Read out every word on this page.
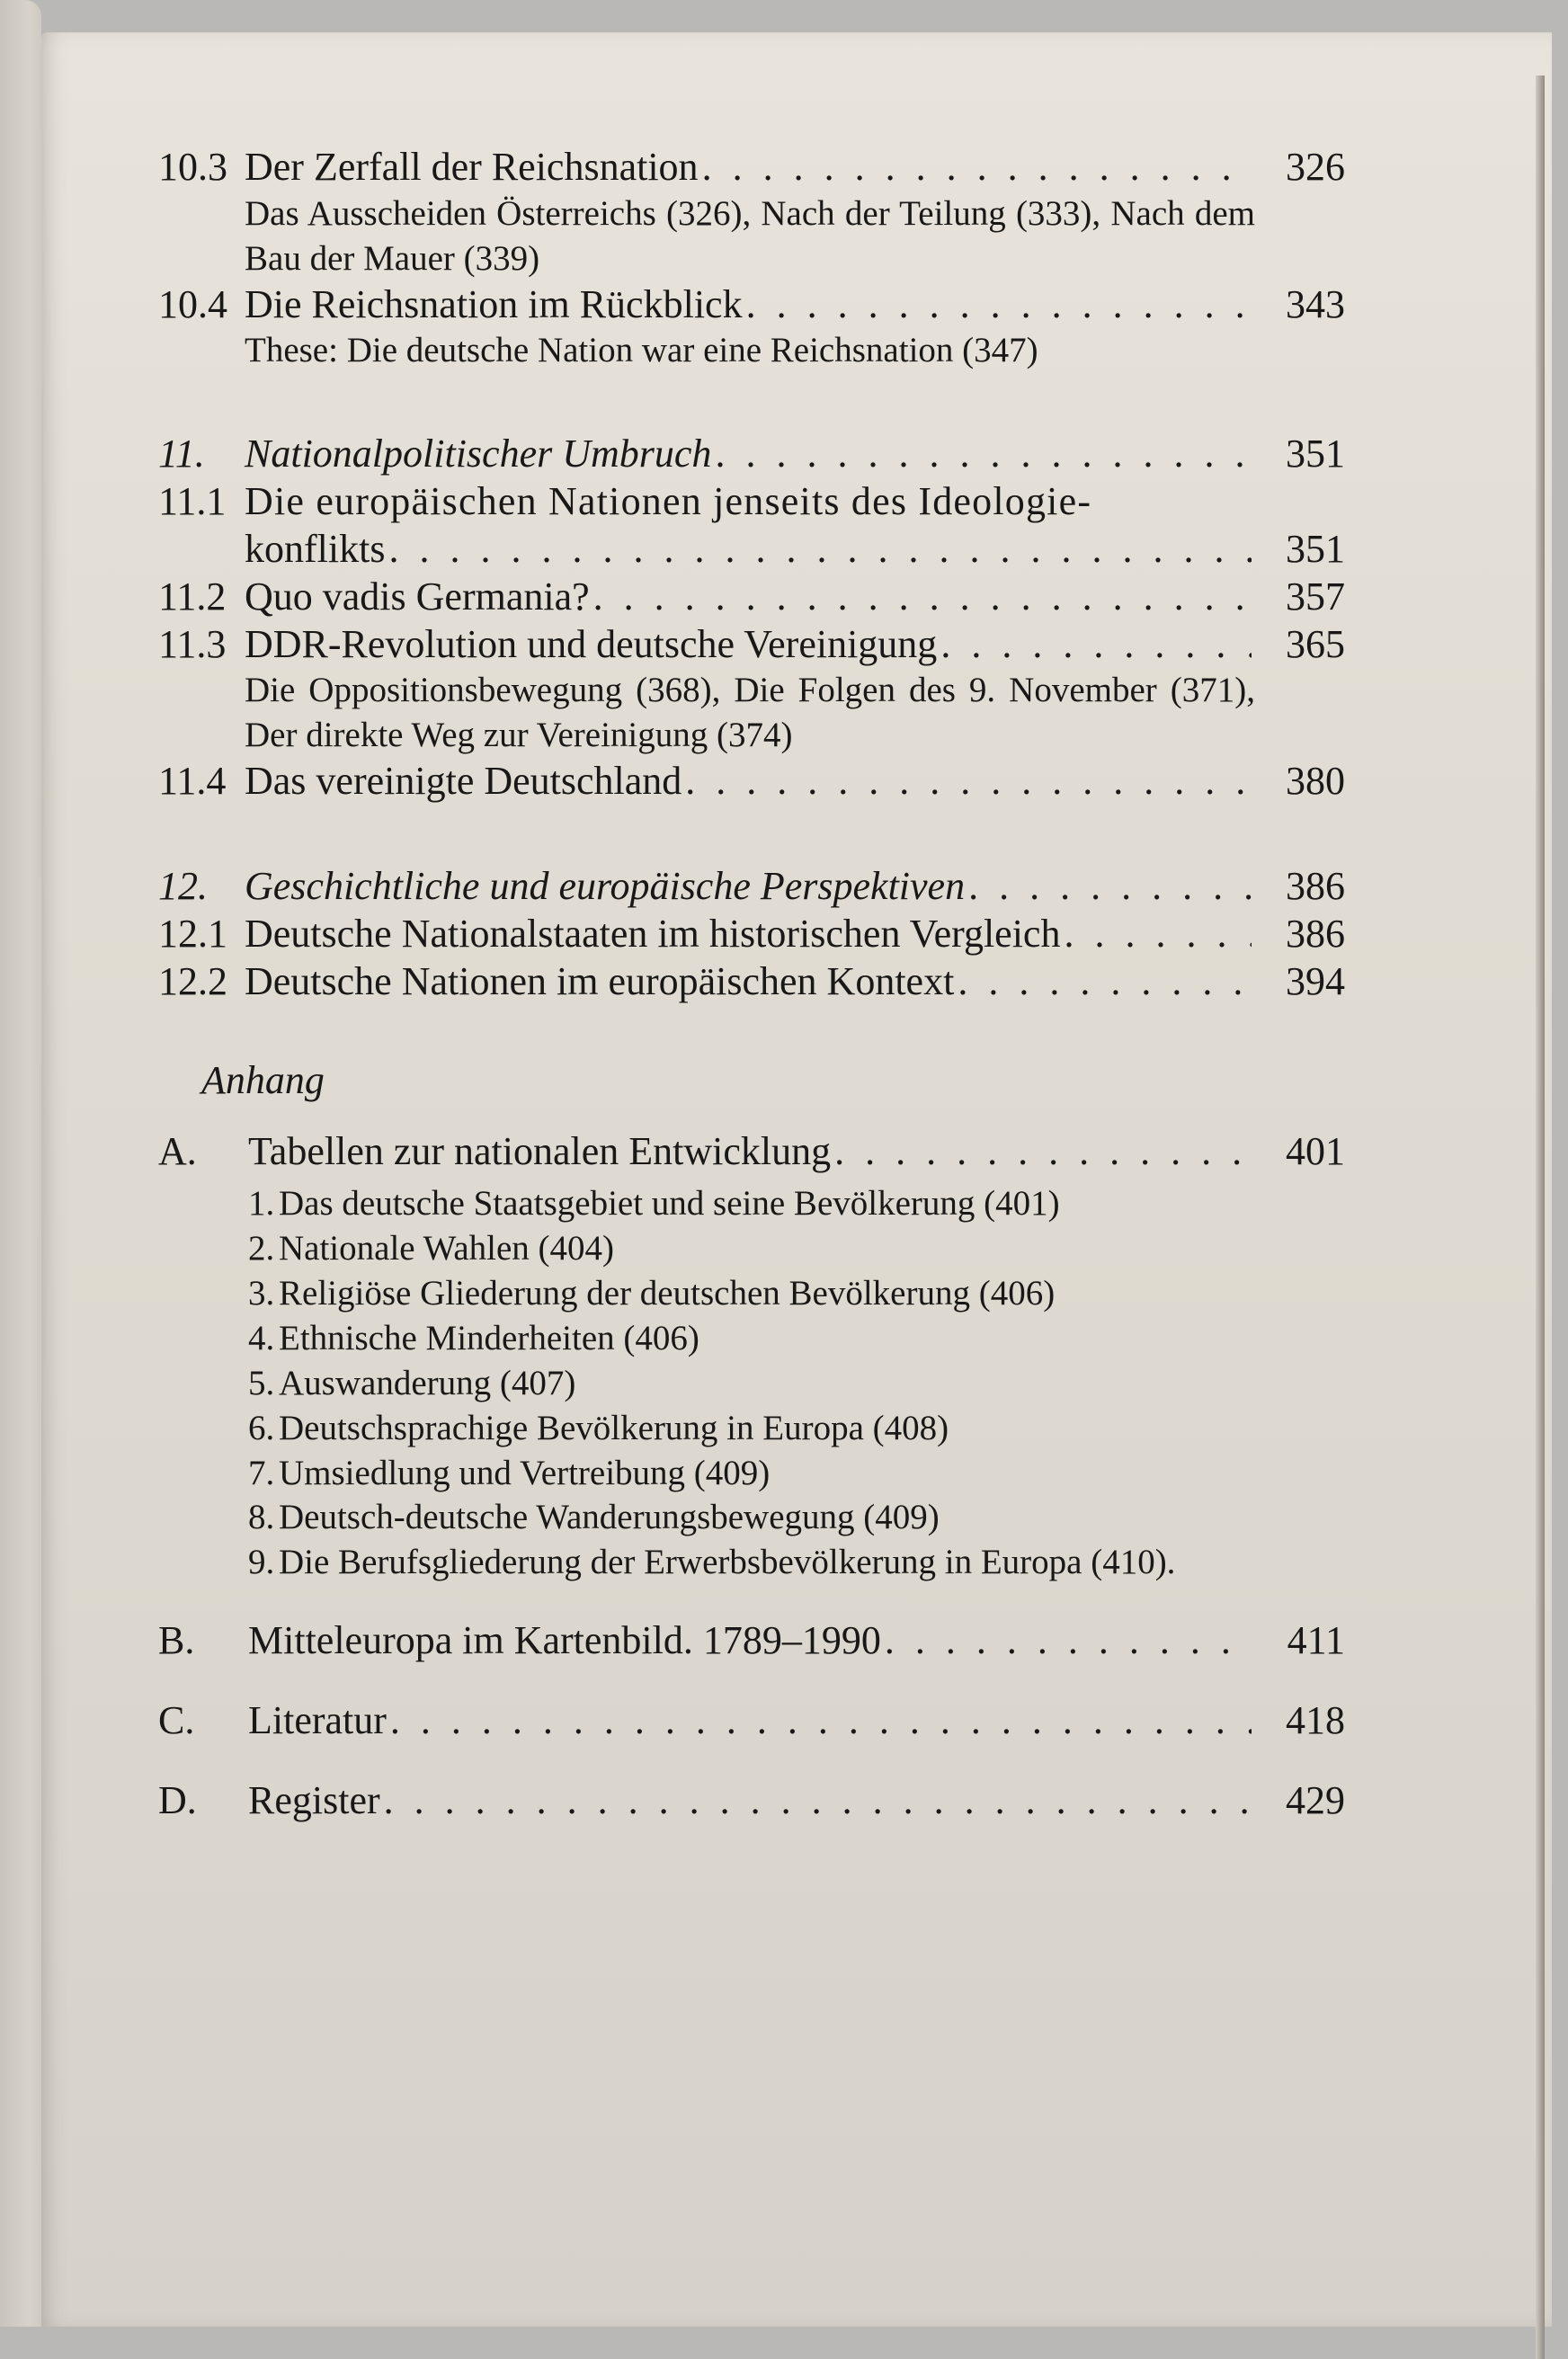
10.3 Der Zerfall der Reichsnation . . .	326
Das Ausscheiden Österreichs (326), Nach der Teilung (333), Nach dem Bau der Mauer (339)
10.4 Die Reichsnation im Rückblick . . .	343
These: Die deutsche Nation war eine Reichsnation (347)
11.	Nationalpolitischer Umbruch . . .	351
11.1 Die europäischen Nationen jenseits des Ideologie-
konflikts . . .	351
11.2 Quo vadis Germania? . . .	357
11.3 DDR-Revolution und deutsche Vereinigung . . .	365
Die Oppositionsbewegung (368), Die Folgen des 9. November (371), Der direkte Weg zur Vereinigung (374)
11.4 Das vereinigte Deutschland . . .	380
12. Geschichtliche und europäische Perspektiven . . .	386
12.1 Deutsche Nationalstaaten im historischen Vergleich . . .	386
12.2 Deutsche Nationen im europäischen Kontext . . .	394
Anhang
A.	Tabellen zur nationalen Entwicklung . . .	401
1. Das deutsche Staatsgebiet und seine Bevölkerung (401)
2. Nationale Wahlen (404)
3. Religiöse Gliederung der deutschen Bevölkerung (406)
4. Ethnische Minderheiten (406)
5. Auswanderung (407)
6. Deutschsprachige Bevölkerung in Europa (408)
7. Umsiedlung und Vertreibung (409)
8. Deutsch-deutsche Wanderungsbewegung (409)
9. Die Berufsgliederung der Erwerbsbevölkerung in Europa (410).
B.	Mitteleuropa im Kartenbild. 1789–1990 . . .	411
C.	Literatur . . .	418
D.	Register . . .	429
